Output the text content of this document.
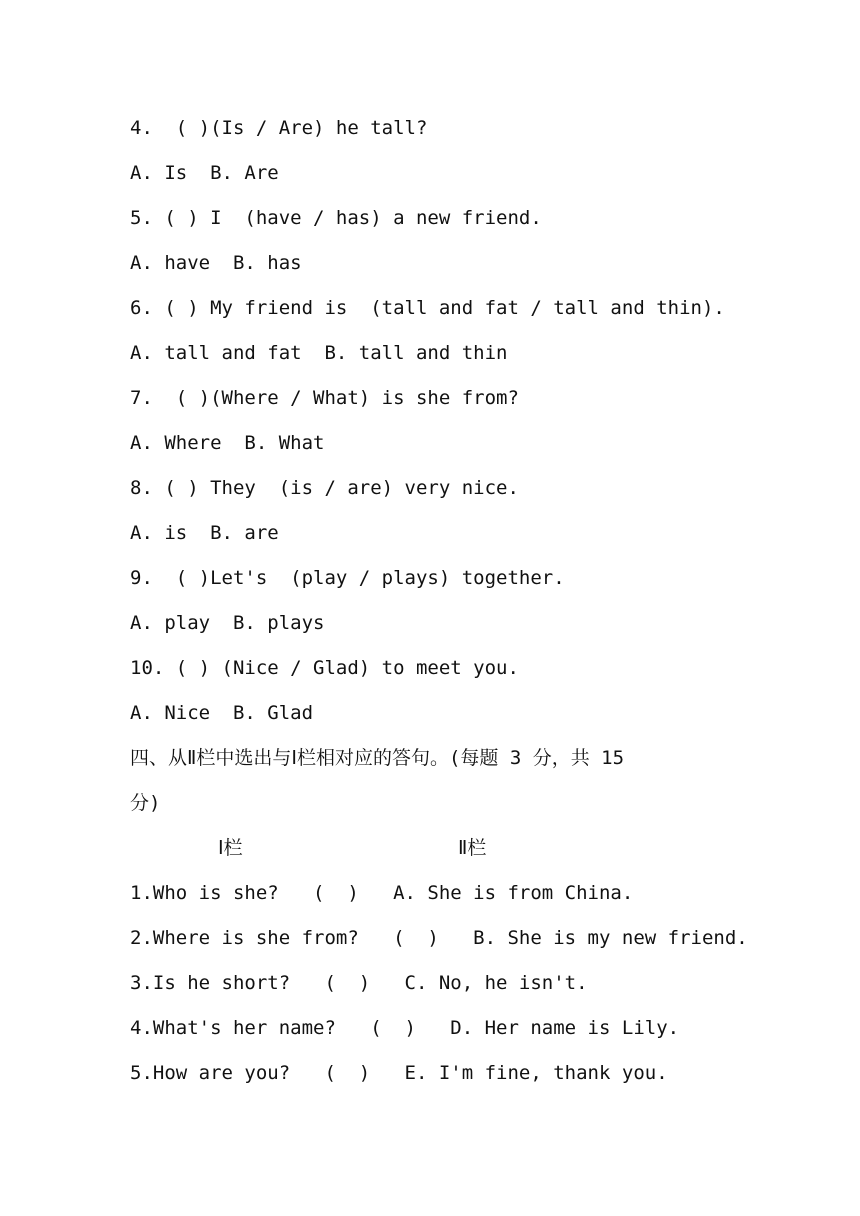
4.  ( )(Is / Are) he tall?
A. Is  B. Are
5. ( ) I  (have / has) a new friend.
A. have  B. has
6. ( ) My friend is  (tall and fat / tall and thin).
A. tall and fat  B. tall and thin
7.  ( )(Where / What) is she from?
A. Where  B. What
8. ( ) They  (is / are) very nice.
A. is  B. are
9.  ( )Let's  (play / plays) together.
A. play  B. plays
10. ( ) (Nice / Glad) to meet you.
A. Nice  B. Glad
四、从Ⅱ栏中选出与Ⅰ栏相对应的答句。(每题 3 分，共 15
分)
Ⅰ栏	Ⅱ栏
1.Who is she?   (  )   A. She is from China.
2.Where is she from?   (  )   B. She is my new friend.
3.Is he short?   (  )   C. No, he isn't.
4.What's her name?   (  )   D. Her name is Lily.
5.How are you?   (  )   E. I'm fine, thank you.
